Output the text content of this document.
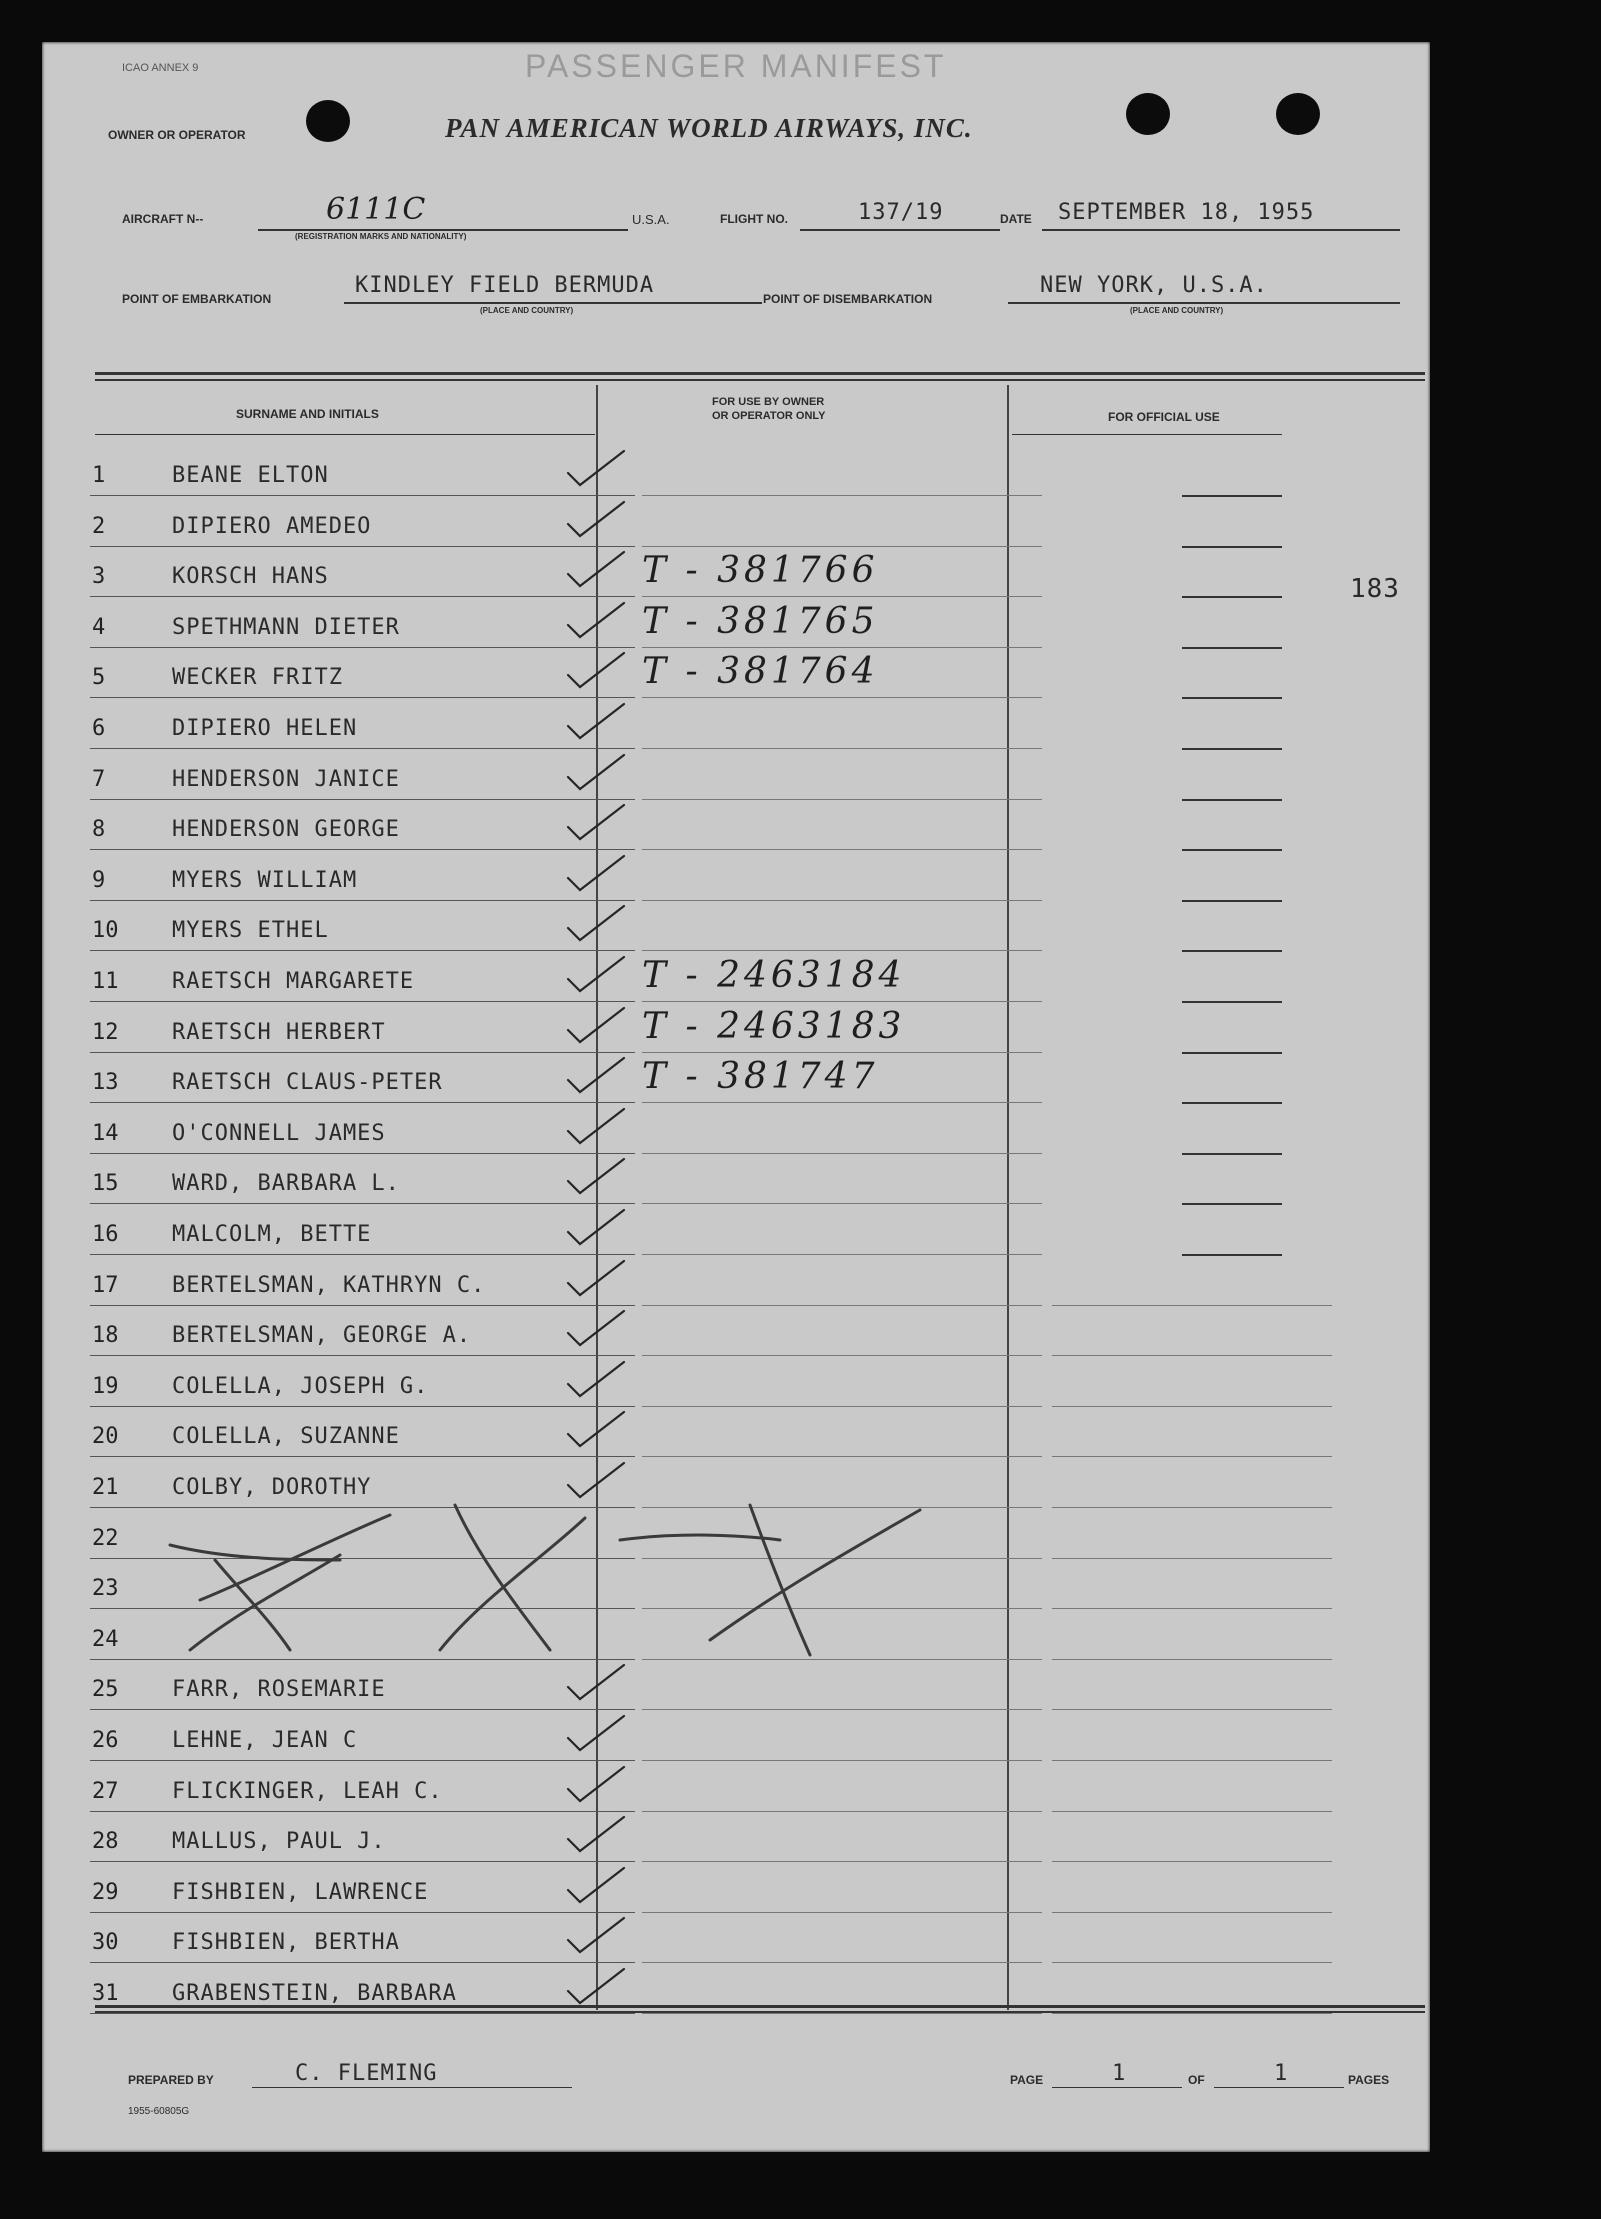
ICAO ANNEX 9	PASSENGER MANIFEST
OWNER OR OPERATOR	PAN AMERICAN WORLD AIRWAYS, INC.
AIRCRAFT N--	6111C
(REGISTRATION MARKS AND NATIONALITY)
U.S.A.	FLIGHT NO.	137/19	DATE SEPTEMBER 18, 1955
POINT OF EMBARKATION
KINDLEY FIELD BERMUDA
(PLACE AND COUNTRY)
POINT OF DISEMBARKATION
NEW YORK, U.S.A.
(PLACE AND COUNTRY)
SURNAME AND INITIALS
FOR USE BY OWNER
OR OPERATOR ONLY	FOR OFFICIAL USE
183
1	BEANE ELTON
2	DIPIERO AMEDEO
3	KORSCH HANS	T - 381766
4	SPETHMANN DIETER	T - 381765
5	WECKER FRITZ	T - 381764
6	DIPIERO HELEN
7	HENDERSON JANICE
8	HENDERSON GEORGE
9	MYERS WILLIAM
10 MYERS ETHEL
11 RAETSCH MARGARETE	T - 2463184
12 RAETSCH HERBERT	T - 2463183
13 RAETSCH CLAUS-PETER	T - 381747
14 O'CONNELL JAMES
15 WARD, BARBARA L.
16 MALCOLM, BETTE
17 BERTELSMAN, KATHRYN C.
18 BERTELSMAN, GEORGE A.
19 COLELLA, JOSEPH G.
20 COLELLA, SUZANNE
21 COLBY, DOROTHY
22
23
24
25 FARR, ROSEMARIE
26 LEHNE, JEAN C
27 FLICKINGER, LEAH C.
28 MALLUS, PAUL J.
29 FISHBIEN, LAWRENCE
30 FISHBIEN, BERTHA
31 GRABENSTEIN, BARBARA
PREPARED BY	C. FLEMING	PAGE	1	OF	1	PAGES
1955-60805G
